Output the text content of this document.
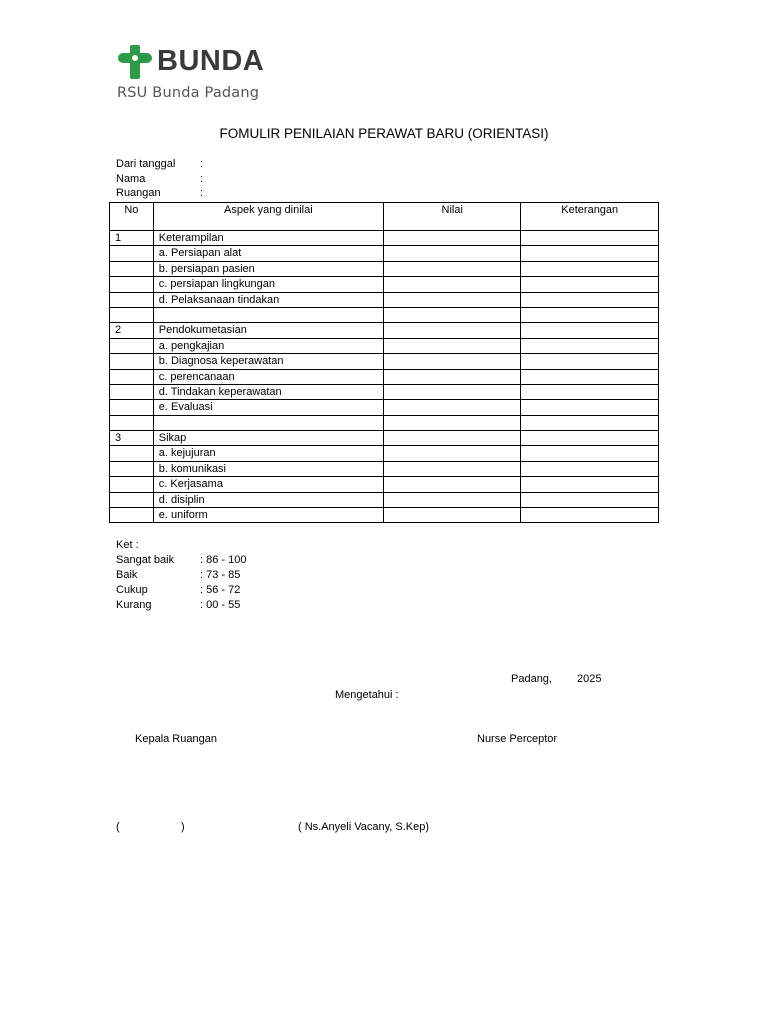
BUNDA
RSU Bunda Padang
FOMULIR PENILAIAN PERAWAT BARU (ORIENTASI)
Dari tanggal :
Nama	:
Ruangan	:
No	Aspek yang dinilai	Nilai	Keterangan
1	Keterampilan		
	a. Persiapan alat		
	b. persiapan pasien		
	c. persiapan lingkungan		
	d. Pelaksanaan tindakan		

2	Pendokumetasian		
	a. pengkajian		
	b. Diagnosa keperawatan		
	c. perencanaan		
	d. Tindakan keperawatan		
	e. Evaluasi		

3	Sikap		
	a. kejujuran		
	b. komunikasi		
	c. Kerjasama		
	d. disiplin		
	e. uniform		
Ket :
Sangat baik : 86 - 100
Baik	: 73 - 85
Cukup	: 56 - 72
Kurang	: 00 - 55
Padang, 2025
Mengetahui :
Kepala Ruangan	Nurse Perceptor
(	)	( Ns.Anyeli Vacany, S.Kep)
